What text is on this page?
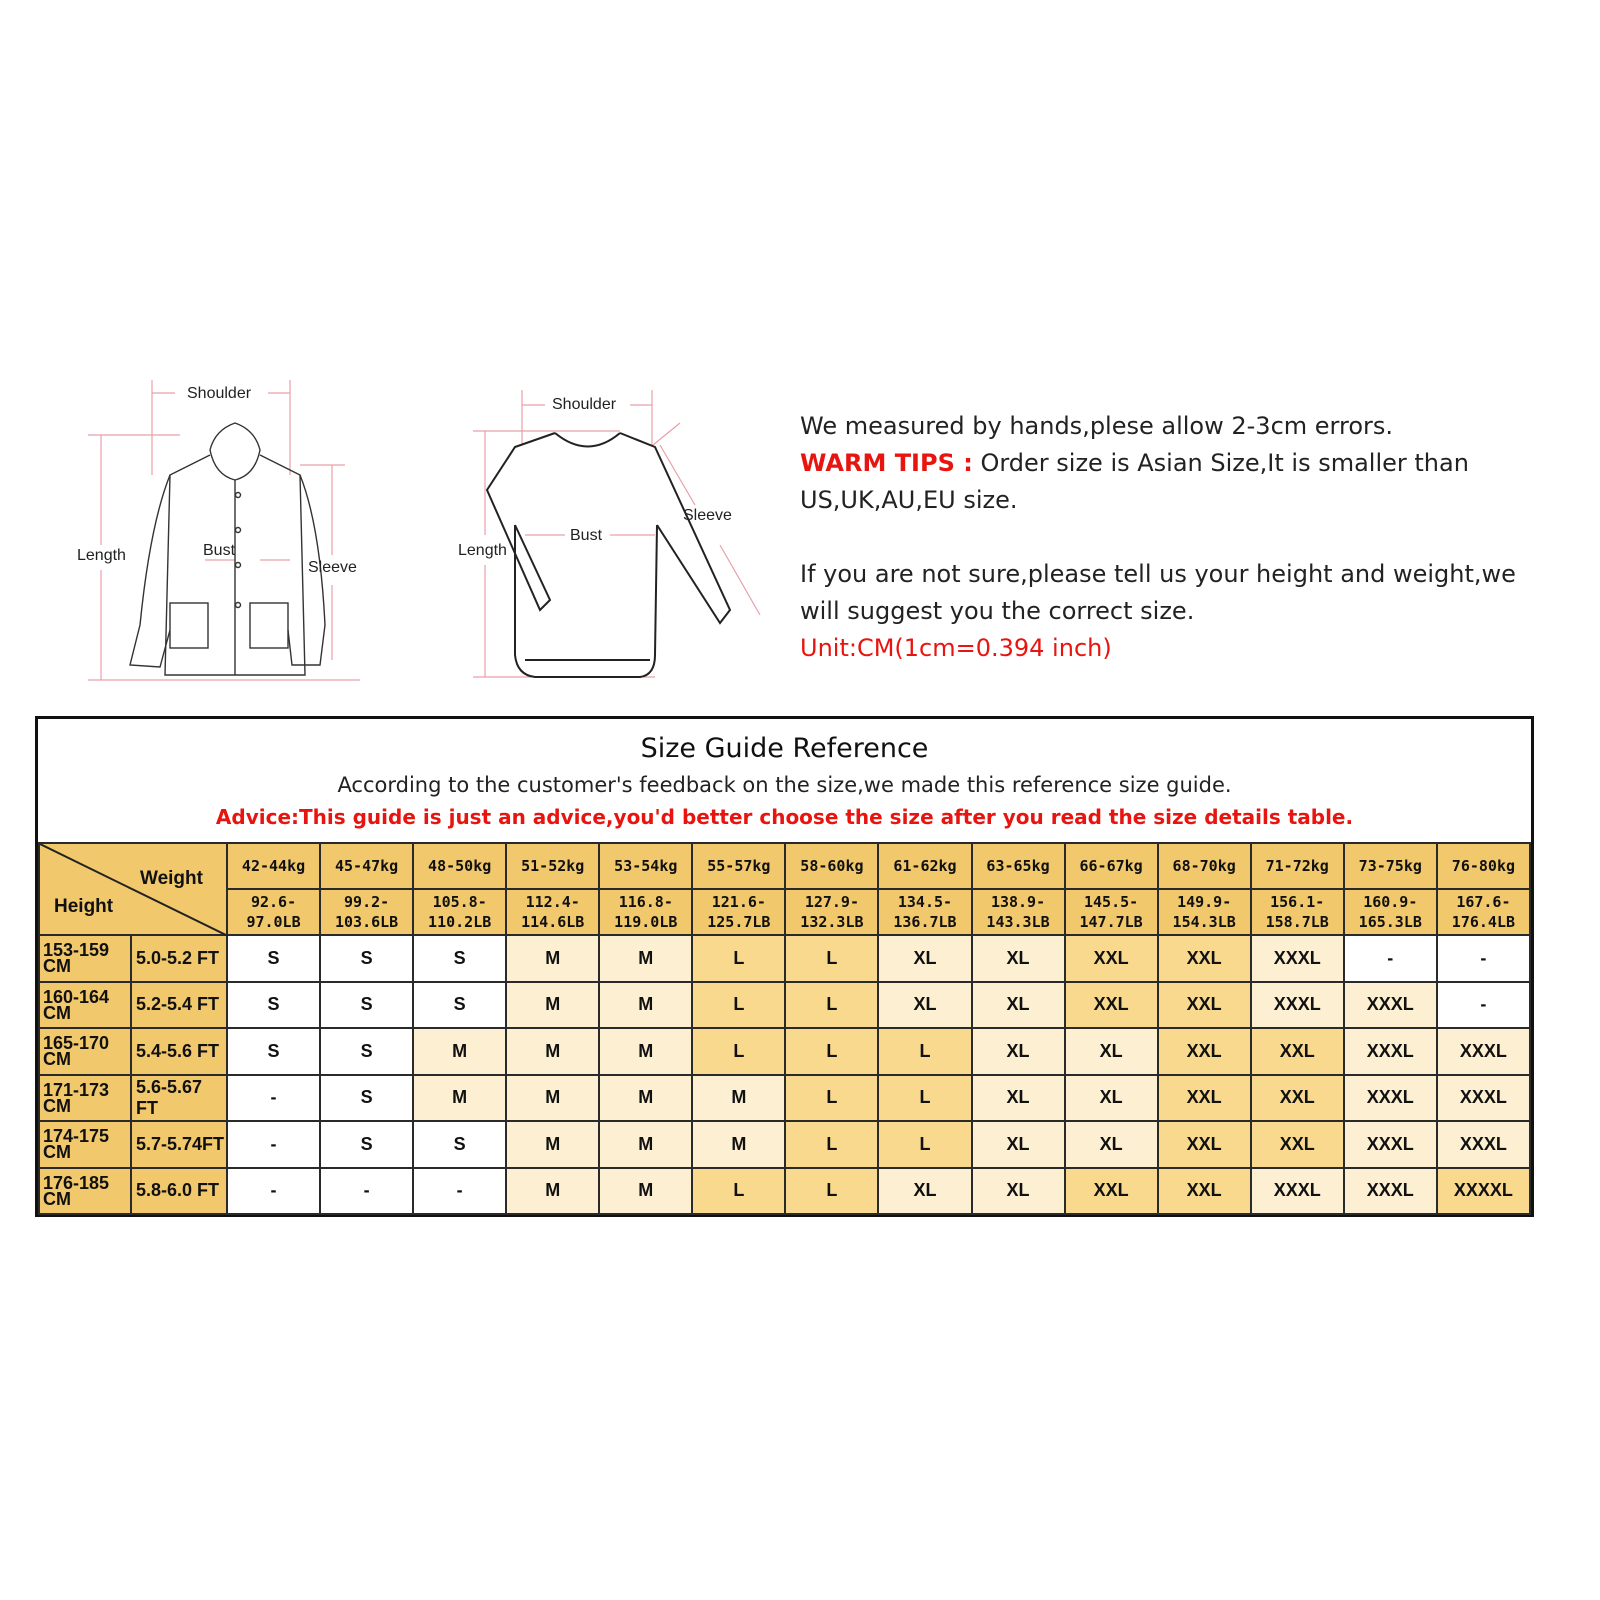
Shoulder
Length	Bust
Sleeve
Shoulder
Length
Bust
Sleeve

We measured by hands,plese allow 2-3cm errors.

WARM TIPS : Order size is Asian Size,It is smaller than US,UK,AU,EU size.

If you are not sure,please tell us your height and weight,we will suggest you the correct size.

Unit:CM(1cm=0.394 inch)

Size Guide Reference
According to the customer's feedback on the size,we made this reference size guide.
Advice:This guide is just an advice,you'd better choose the size after you read the size details table.
Weight
Height		42-44kg	45-47kg	48-50kg	51-52kg	53-54kg	55-57kg	58-60kg	61-62kg	63-65kg	66-67kg	68-70kg	71-72kg	73-75kg	76-80kg
		92.6-97.0LB	99.2-103.6LB	105.8-110.2LB	112.4-114.6LB	116.8-119.0LB	121.6-125.7LB	127.9-132.3LB	134.5-136.7LB	138.9-143.3LB	145.5-147.7LB	149.9-154.3LB	156.1-158.7LB	160.9-165.3LB	167.6-176.4LB
153-159
CM	5.0-5.2 FT	S	S	S	M	M	L	L	XL	XL	XXL	XXL	XXXL	-	-
160-164
CM	5.2-5.4 FT	S	S	S	M	M	L	L	XL	XL	XXL	XXL	XXXL	XXXL	-
165-170
CM	5.4-5.6 FT	S	S	M	M	M	L	L	L	XL	XL	XXL	XXL	XXXL	XXXL
171-173
CM	5.6-5.67 FT	-	S	M	M	M	M	L	L	XL	XL	XXL	XXL	XXXL	XXXL
174-175
CM	5.7-5.74FT	-	S	S	M	M	M	L	L	XL	XL	XXL	XXL	XXXL	XXXL
176-185
CM	5.8-6.0 FT	-	-	-	M	M	L	L	XL	XL	XXL	XXL	XXXL	XXXL	XXXXL
